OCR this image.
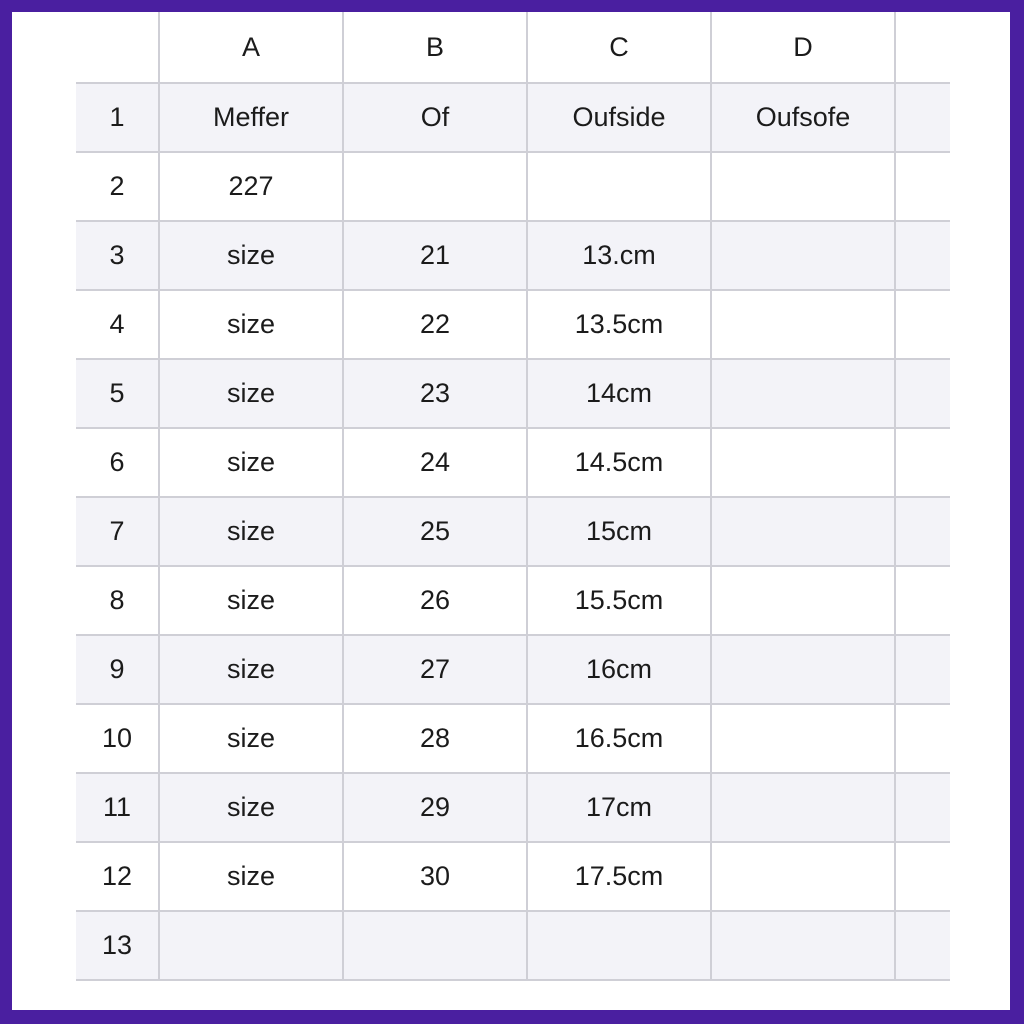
	A	B	C	D	
1	Meffer	Of	Oufside	Oufsofe	
2	227				
3	size	21	13.cm		
4	size	22	13.5cm		
5	size	23	14cm		
6	size	24	14.5cm		
7	size	25	15cm		
8	size	26	15.5cm		
9	size	27	16cm		
10	size	28	16.5cm		
11	size	29	17cm		
12	size	30	17.5cm		
13					
